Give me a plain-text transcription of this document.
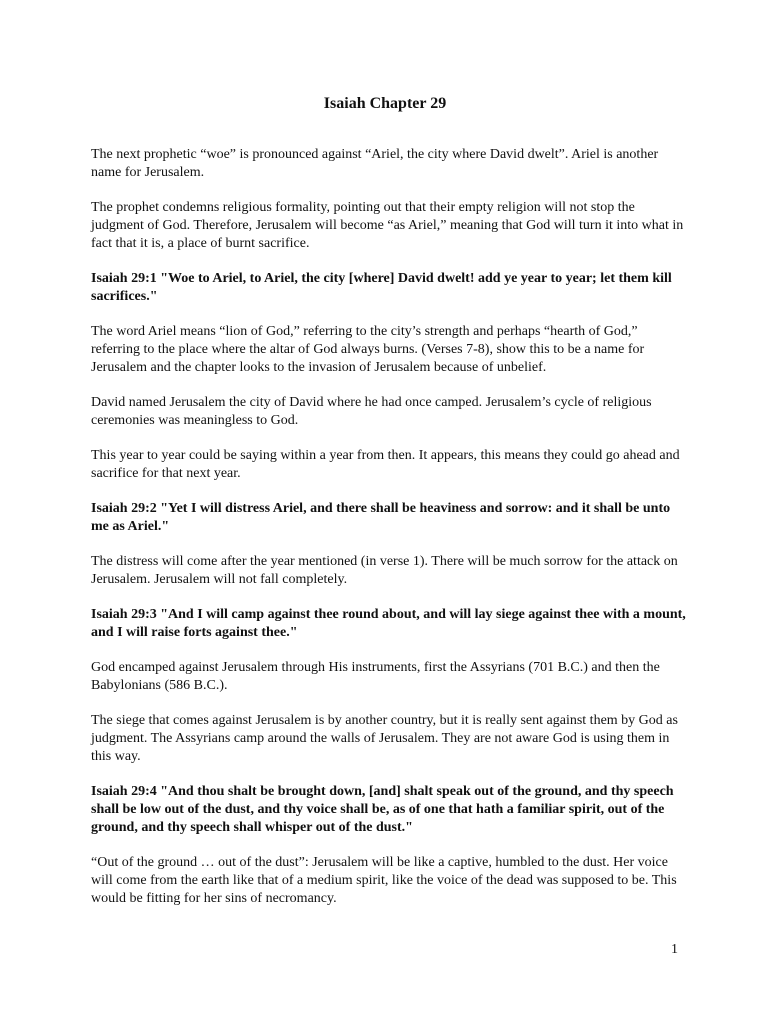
Isaiah Chapter 29

The next prophetic “woe” is pronounced against “Ariel, the city where David dwelt”. Ariel is another name for Jerusalem.

The prophet condemns religious formality, pointing out that their empty religion will not stop the judgment of God. Therefore, Jerusalem will become “as Ariel,” meaning that God will turn it into what in fact that it is, a place of burnt sacrifice.

Isaiah 29:1 "Woe to Ariel, to Ariel, the city [where] David dwelt! add ye year to year; let them kill sacrifices."

The word Ariel means “lion of God,” referring to the city’s strength and perhaps “hearth of God,” referring to the place where the altar of God always burns. (Verses 7-8), show this to be a name for Jerusalem and the chapter looks to the invasion of Jerusalem because of unbelief.

David named Jerusalem the city of David where he had once camped. Jerusalem’s cycle of religious ceremonies was meaningless to God.

This year to year could be saying within a year from then. It appears, this means they could go ahead and sacrifice for that next year.

Isaiah 29:2 "Yet I will distress Ariel, and there shall be heaviness and sorrow: and it shall be unto me as Ariel."

The distress will come after the year mentioned (in verse 1). There will be much sorrow for the attack on Jerusalem. Jerusalem will not fall completely.

Isaiah 29:3 "And I will camp against thee round about, and will lay siege against thee with a mount, and I will raise forts against thee."

God encamped against Jerusalem through His instruments, first the Assyrians (701 B.C.) and then the Babylonians (586 B.C.).

The siege that comes against Jerusalem is by another country, but it is really sent against them by God as judgment. The Assyrians camp around the walls of Jerusalem. They are not aware God is using them in this way.

Isaiah 29:4 "And thou shalt be brought down, [and] shalt speak out of the ground, and thy speech shall be low out of the dust, and thy voice shall be, as of one that hath a familiar spirit, out of the ground, and thy speech shall whisper out of the dust."

“Out of the ground … out of the dust”: Jerusalem will be like a captive, humbled to the dust. Her voice will come from the earth like that of a medium spirit, like the voice of the dead was supposed to be. This would be fitting for her sins of necromancy.

1
